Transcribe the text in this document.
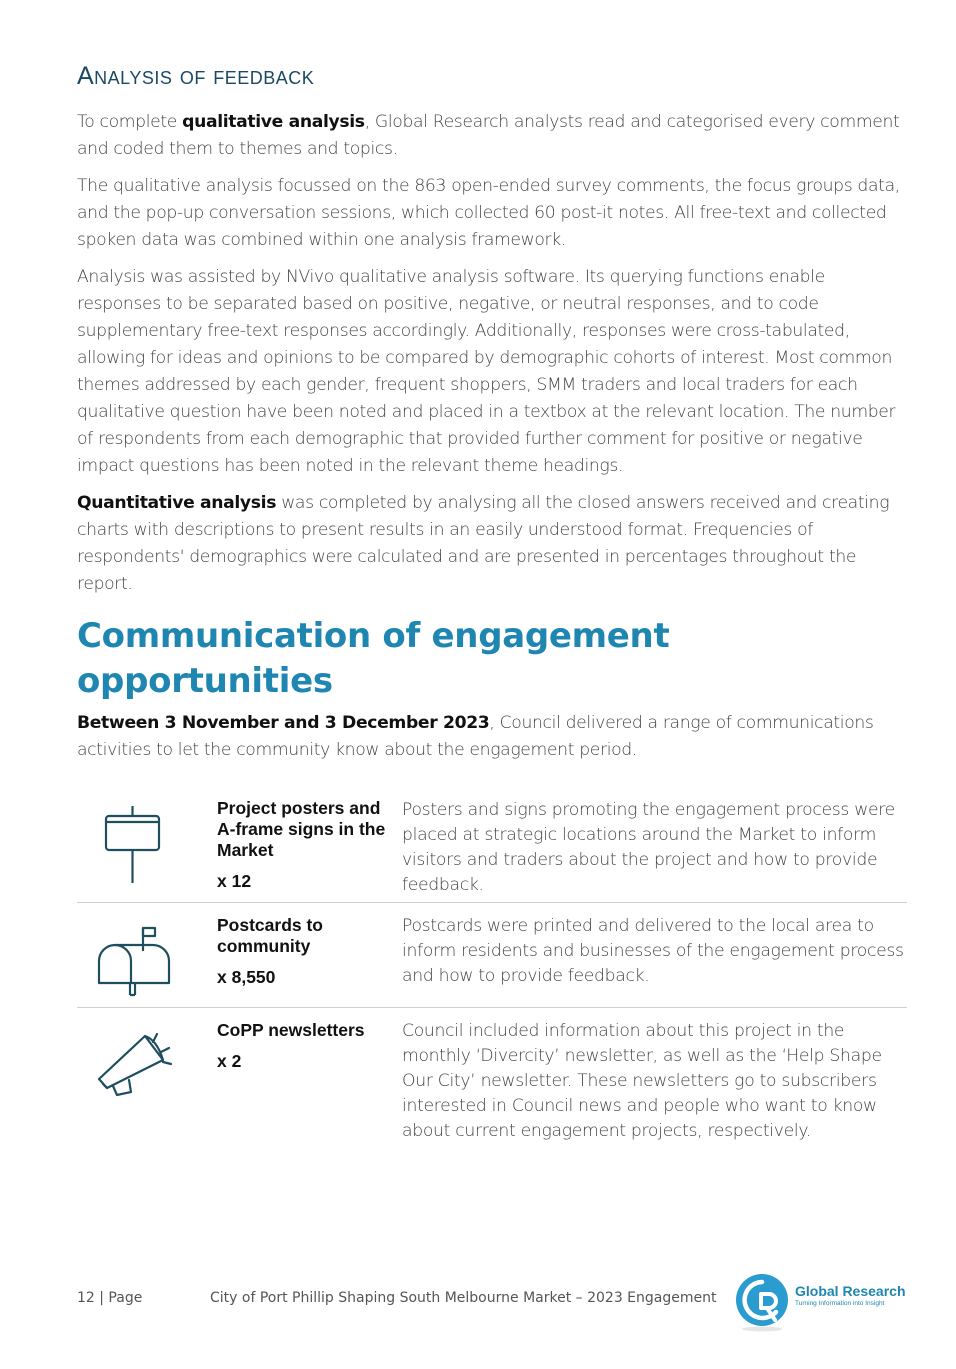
Analysis of feedback

To complete qualitative analysis, Global Research analysts read and categorised every comment and coded them to themes and topics.

The qualitative analysis focussed on the 863 open-ended survey comments, the focus groups data, and the pop-up conversation sessions, which collected 60 post-it notes. All free-text and collected spoken data was combined within one analysis framework.

Analysis was assisted by NVivo qualitative analysis software. Its querying functions enable responses to be separated based on positive, negative, or neutral responses, and to code supplementary free-text responses accordingly. Additionally, responses were cross-tabulated, allowing for ideas and opinions to be compared by demographic cohorts of interest. Most common themes addressed by each gender, frequent shoppers, SMM traders and local traders for each qualitative question have been noted and placed in a textbox at the relevant location. The number of respondents from each demographic that provided further comment for positive or negative impact questions has been noted in the relevant theme headings.

Quantitative analysis was completed by analysing all the closed answers received and creating charts with descriptions to present results in an easily understood format. Frequencies of respondents' demographics were calculated and are presented in percentages throughout the report.

Communication of engagement opportunities

Between 3 November and 3 December 2023, Council delivered a range of communications activities to let the community know about the engagement period.

Project posters and A-frame signs in the Market
x 12
Posters and signs promoting the engagement process were placed at strategic locations around the Market to inform visitors and traders about the project and how to provide feedback.
Postcards to community
x 8,550
Postcards were printed and delivered to the local area to inform residents and businesses of the engagement process and how to provide feedback.
CoPP newsletters
x 2
Council included information about this project in the monthly ‘Divercity’ newsletter, as well as the ‘Help Shape Our City’ newsletter. These newsletters go to subscribers interested in Council news and people who want to know about current engagement projects, respectively.
12 | Page	City of Port Phillip Shaping South Melbourne Market – 2023 Engagement	Global Research
Turning Information into Insight
